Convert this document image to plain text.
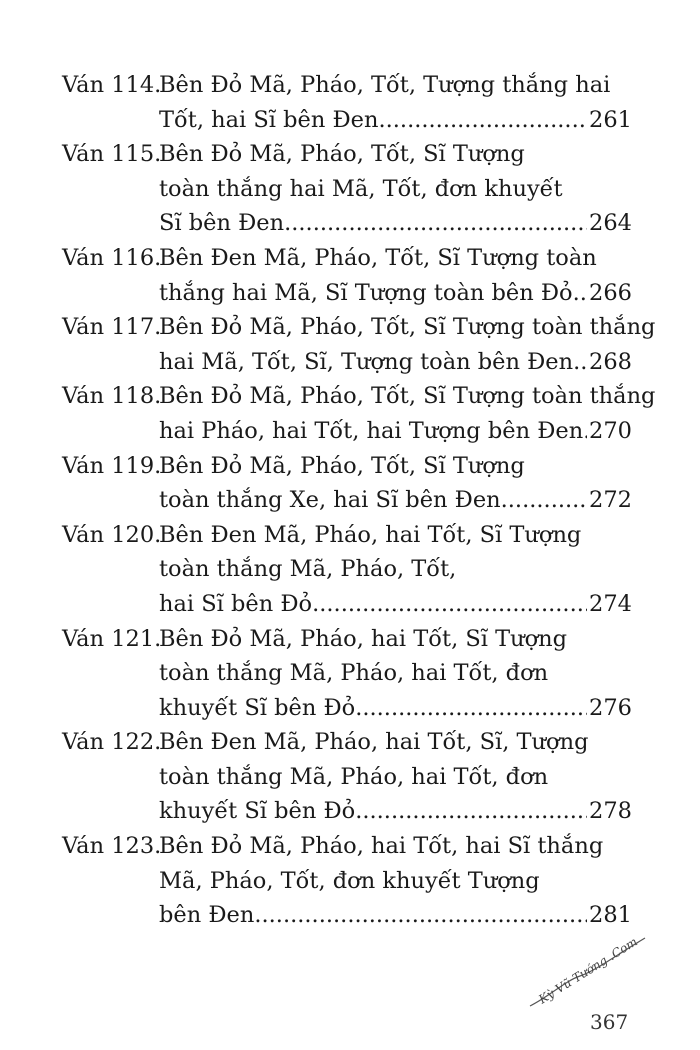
Ván 114.
Bên Đỏ Mã, Pháo, Tốt, Tượng thắng hai
Tốt, hai Sĩ bên Đen .....	261
Ván 115.
Bên Đỏ Mã, Pháo, Tốt, Sĩ Tượng
toàn thắng hai Mã, Tốt, đơn khuyết
Sĩ bên Đen .....	264
Ván 116.
Bên Đen Mã, Pháo, Tốt, Sĩ Tượng toàn
thắng hai Mã, Sĩ Tượng toàn bên Đỏ ..... 266
Ván 117.
Bên Đỏ Mã, Pháo, Tốt, Sĩ Tượng toàn thắng
hai Mã, Tốt, Sĩ, Tượng toàn bên Đen ..... 268
Ván 118.
Bên Đỏ Mã, Pháo, Tốt, Sĩ Tượng toàn thắng
hai Pháo, hai Tốt, hai Tượng bên Đen ..... 270
Ván 119.
Bên Đỏ Mã, Pháo, Tốt, Sĩ Tượng
toàn thắng Xe, hai Sĩ bên Đen .....	272
Ván 120.
Bên Đen Mã, Pháo, hai Tốt, Sĩ Tượng
toàn thắng Mã, Pháo, Tốt,
hai Sĩ bên Đỏ .....	274
Ván 121.
Bên Đỏ Mã, Pháo, hai Tốt, Sĩ Tượng
toàn thắng Mã, Pháo, hai Tốt, đơn
khuyết Sĩ bên Đỏ .....	276
Ván 122.
Bên Đen Mã, Pháo, hai Tốt, Sĩ, Tượng
toàn thắng Mã, Pháo, hai Tốt, đơn
khuyết Sĩ bên Đỏ .....	278
Ván 123.
Bên Đỏ Mã, Pháo, hai Tốt, hai Sĩ thắng
Mã, Pháo, Tốt, đơn khuyết Tượng
bên Đen .....	281
367
Kỳ Vũ Tướng .Com
